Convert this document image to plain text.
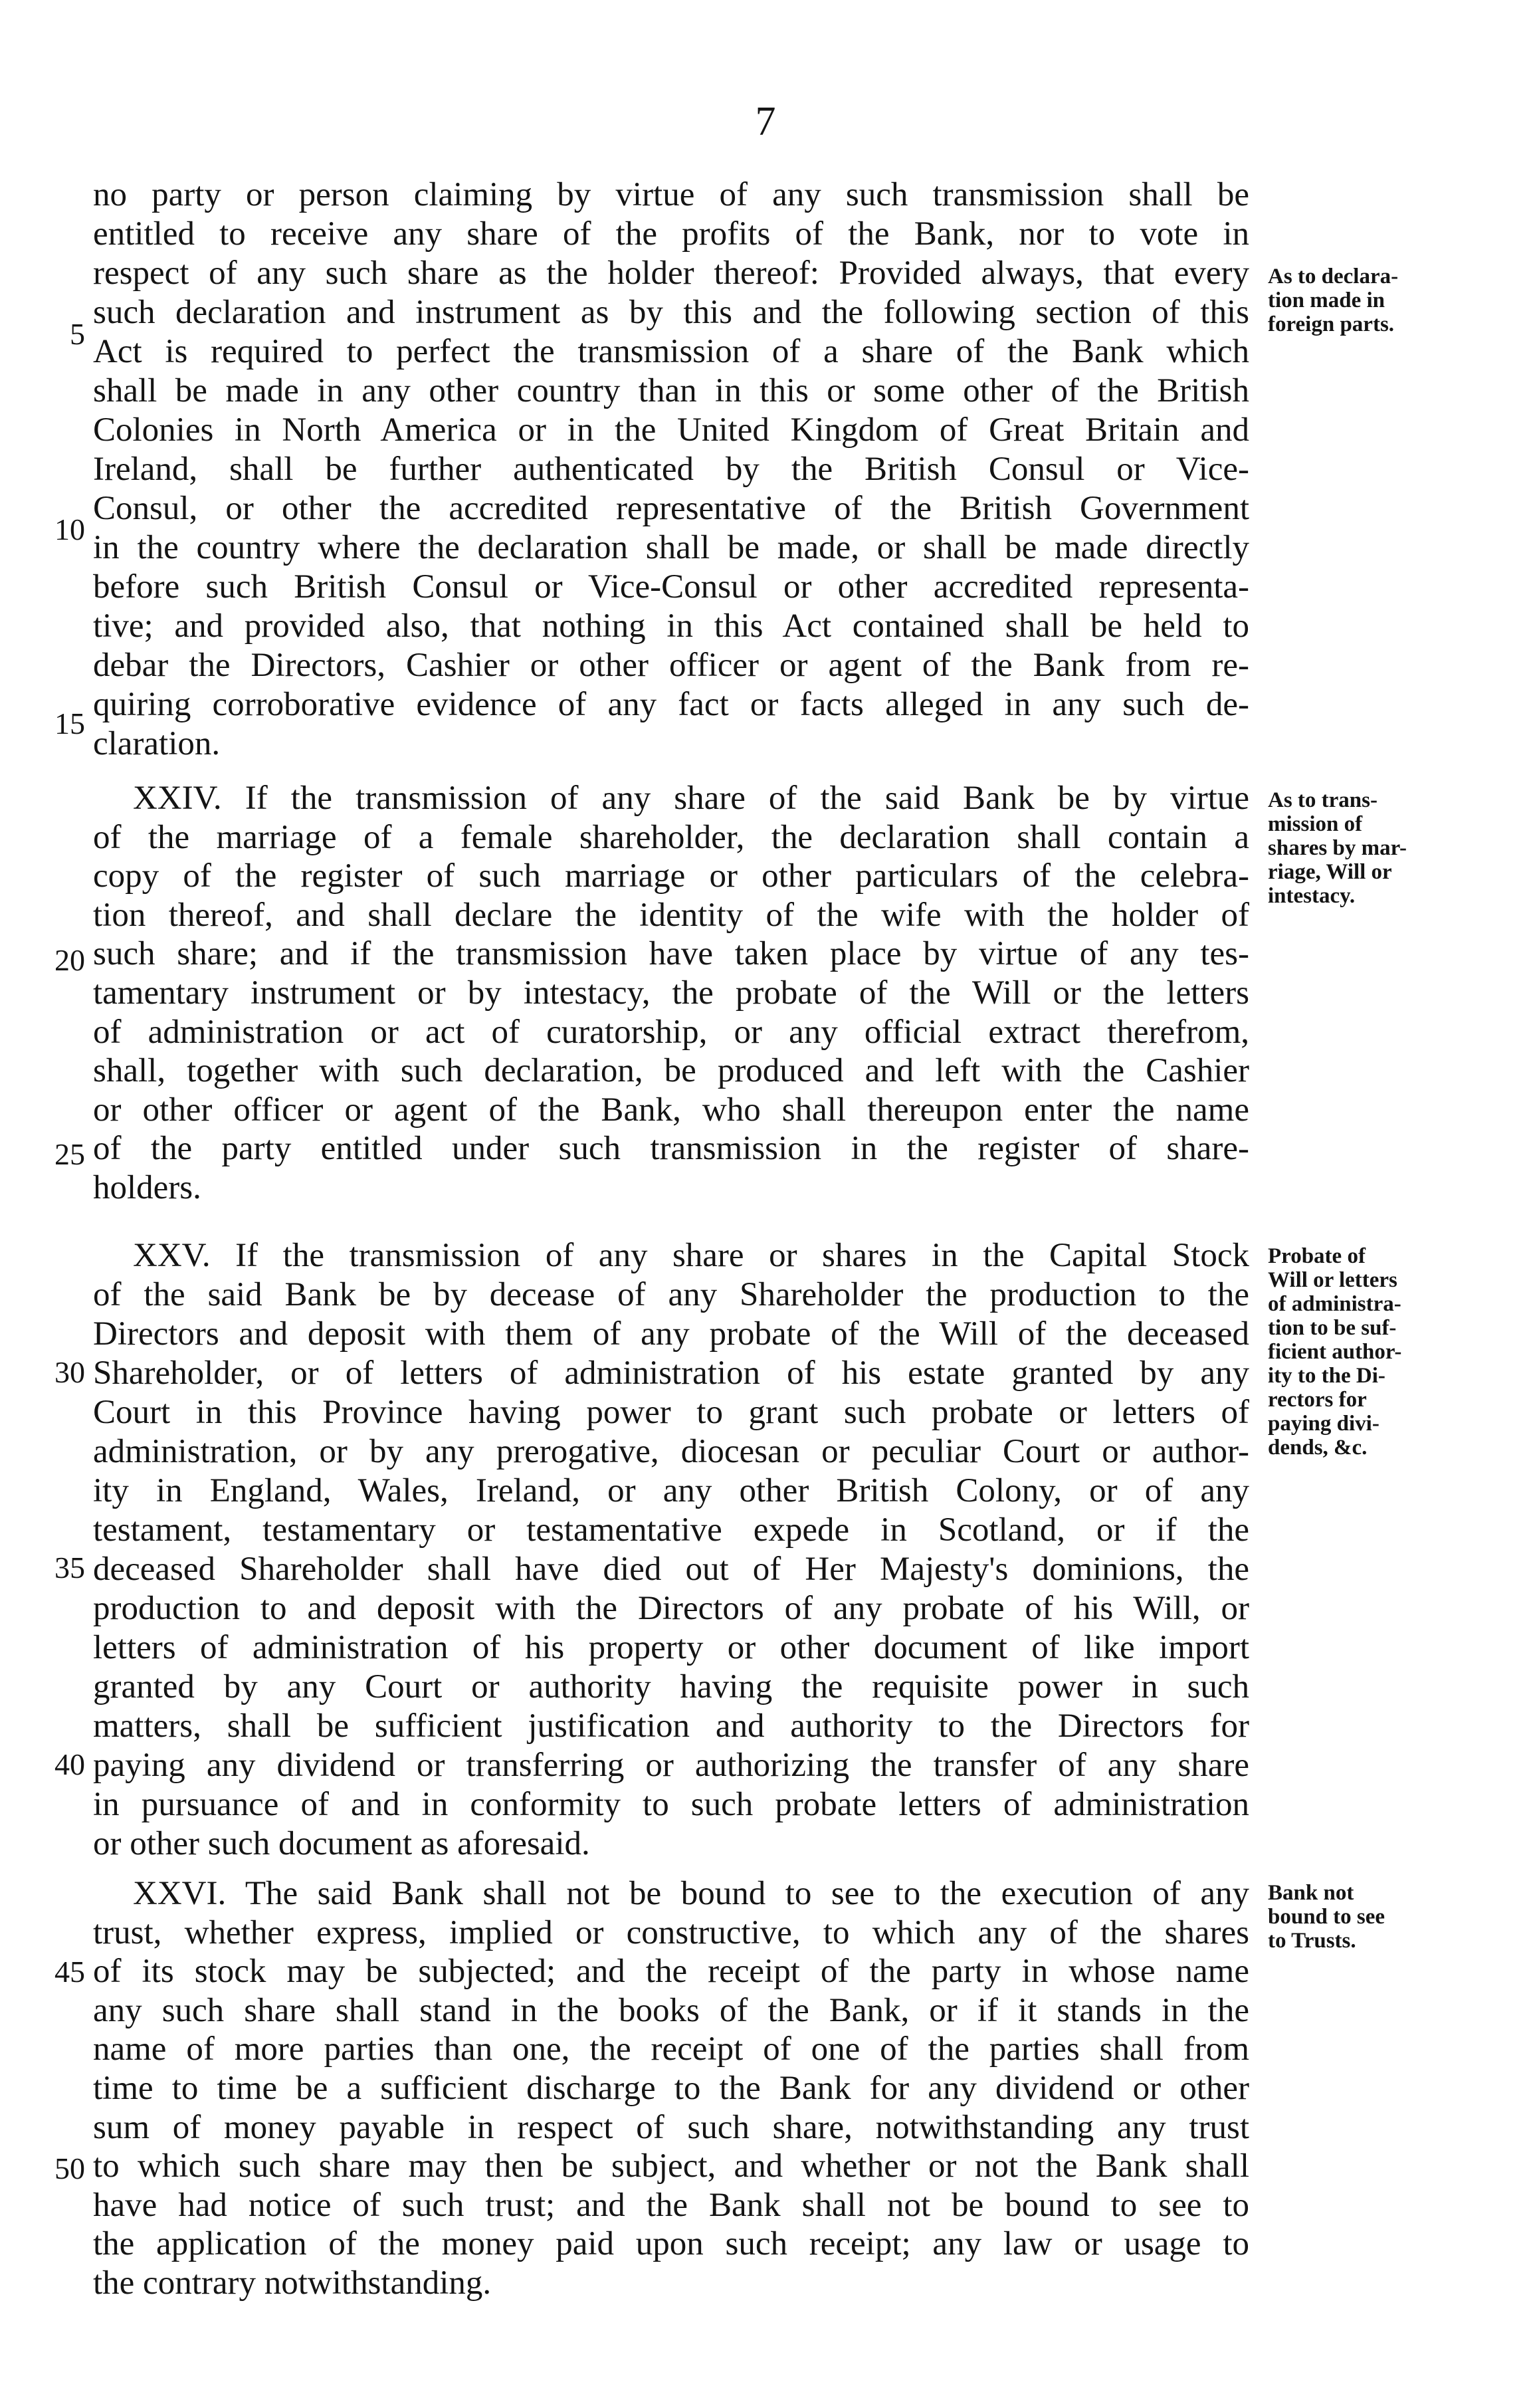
7
no party or person claiming by virtue of any such transmission shall be
entitled to receive any share of the profits of the Bank, nor to vote in
respect of any such share as the holder thereof: Provided always, that every
such declaration and instrument as by this and the following section of this
Act is required to perfect the transmission of a share of the Bank which
shall be made in any other country than in this or some other of the British
Colonies in North America or in the United Kingdom of Great Britain and
Ireland, shall be further authenticated by the British Consul or Vice-
Consul, or other the accredited representative of the British Government
in the country where the declaration shall be made, or shall be made directly
before such British Consul or Vice-Consul or other accredited representa-
tive; and provided also, that nothing in this Act contained shall be held to
debar the Directors, Cashier or other officer or agent of the Bank from re-
quiring corroborative evidence of any fact or facts alleged in any such de-
claration.
XXIV. If the transmission of any share of the said Bank be by virtue
of the marriage of a female shareholder, the declaration shall contain a
copy of the register of such marriage or other particulars of the celebra-
tion thereof, and shall declare the identity of the wife with the holder of
such share; and if the transmission have taken place by virtue of any tes-
tamentary instrument or by intestacy, the probate of the Will or the letters
of administration or act of curatorship, or any official extract therefrom,
shall, together with such declaration, be produced and left with the Cashier
or other officer or agent of the Bank, who shall thereupon enter the name
of the party entitled under such transmission in the register of share-
holders.
XXV. If the transmission of any share or shares in the Capital Stock
of the said Bank be by decease of any Shareholder the production to the
Directors and deposit with them of any probate of the Will of the deceased
Shareholder, or of letters of administration of his estate granted by any
Court in this Province having power to grant such probate or letters of
administration, or by any prerogative, diocesan or peculiar Court or author-
ity in England, Wales, Ireland, or any other British Colony, or of any
testament, testamentary or testamentative expede in Scotland, or if the
deceased Shareholder shall have died out of Her Majesty's dominions, the
production to and deposit with the Directors of any probate of his Will, or
letters of administration of his property or other document of like import
granted by any Court or authority having the requisite power in such
matters, shall be sufficient justification and authority to the Directors for
paying any dividend or transferring or authorizing the transfer of any share
in pursuance of and in conformity to such probate letters of administration
or other such document as aforesaid.
XXVI. The said Bank shall not be bound to see to the execution of any
trust, whether express, implied or constructive, to which any of the shares
of its stock may be subjected; and the receipt of the party in whose name
any such share shall stand in the books of the Bank, or if it stands in the
name of more parties than one, the receipt of one of the parties shall from
time to time be a sufficient discharge to the Bank for any dividend or other
sum of money payable in respect of such share, notwithstanding any trust
to which such share may then be subject, and whether or not the Bank shall
have had notice of such trust; and the Bank shall not be bound to see to
the application of the money paid upon such receipt; any law or usage to
the contrary notwithstanding.
5
10
15
20
25
30
35
40
45
50
As to declara-
tion made in
foreign parts.
As to trans-
mission of
shares by mar-
riage, Will or
intestacy.
Probate of
Will or letters
of administra-
tion to be suf-
ficient author-
ity to the Di-
rectors for
paying divi-
dends, &c.
Bank not
bound to see
to Trusts.
